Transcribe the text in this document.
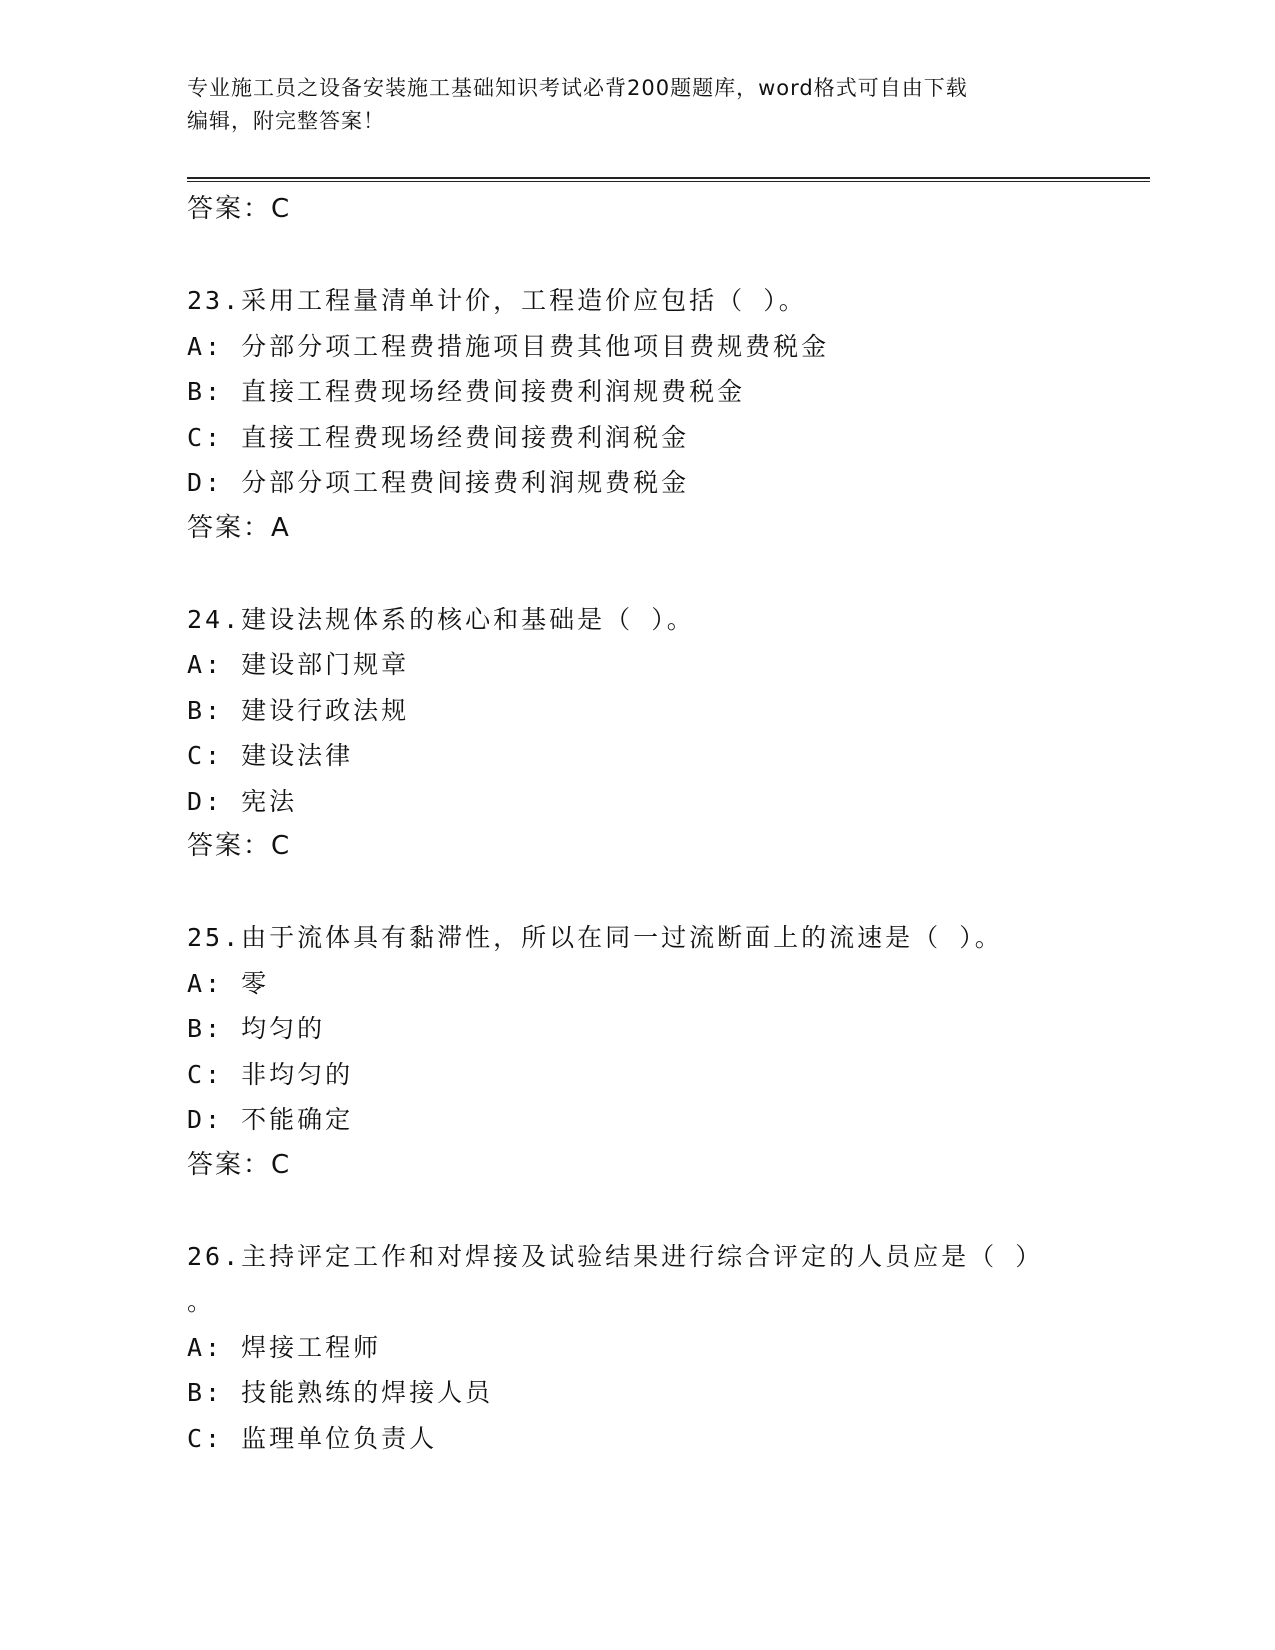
专业施工员之设备安装施工基础知识考试必背200题题库，word格式可自由下载
编辑，附完整答案！
答案：C
23.采用工程量清单计价，工程造价应包括（ ）。
A: 分部分项工程费措施项目费其他项目费规费税金
B: 直接工程费现场经费间接费利润规费税金
C: 直接工程费现场经费间接费利润税金
D: 分部分项工程费间接费利润规费税金
答案：A
24.建设法规体系的核心和基础是（ ）。
A: 建设部门规章
B: 建设行政法规
C: 建设法律
D: 宪法
答案：C
25.由于流体具有黏滞性，所以在同一过流断面上的流速是（ ）。
A: 零
B: 均匀的
C: 非均匀的
D: 不能确定
答案：C
26.主持评定工作和对焊接及试验结果进行综合评定的人员应是（ ）
。
A: 焊接工程师
B: 技能熟练的焊接人员
C: 监理单位负责人
